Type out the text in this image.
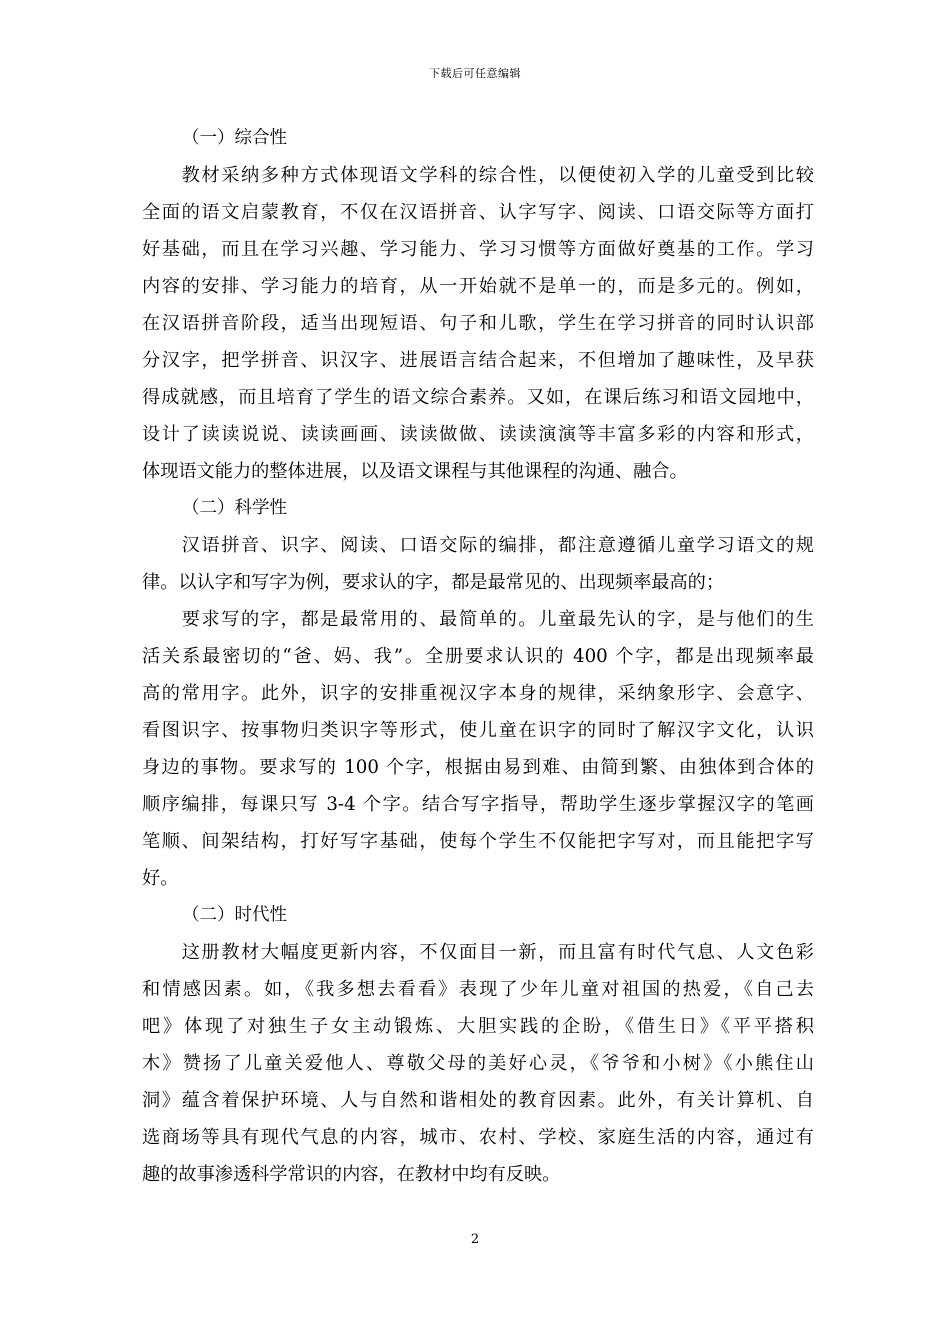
下载后可任意编辑
（一）综合性
　　教材采纳多种方式体现语文学科的综合性，以便使初入学的儿童受到比较
全面的语文启蒙教育，不仅在汉语拼音、认字写字、阅读、口语交际等方面打
好基础，而且在学习兴趣、学习能力、学习习惯等方面做好奠基的工作。学习
内容的安排、学习能力的培育，从一开始就不是单一的，而是多元的。例如，
在汉语拼音阶段，适当出现短语、句子和儿歌，学生在学习拼音的同时认识部
分汉字，把学拼音、识汉字、进展语言结合起来，不但增加了趣味性，及早获
得成就感，而且培育了学生的语文综合素养。又如，在课后练习和语文园地中，
设计了读读说说、读读画画、读读做做、读读演演等丰富多彩的内容和形式，
体现语文能力的整体进展，以及语文课程与其他课程的沟通、融合。
（二）科学性
　　汉语拼音、识字、阅读、口语交际的编排，都注意遵循儿童学习语文的规
律。以认字和写字为例，要求认的字，都是最常见的、出现频率最高的；
　　要求写的字，都是最常用的、最简单的。儿童最先认的字，是与他们的生
活关系最密切的“爸、妈、我”。全册要求认识的 400 个字，都是出现频率最
高的常用字。此外，识字的安排重视汉字本身的规律，采纳象形字、会意字、
看图识字、按事物归类识字等形式，使儿童在识字的同时了解汉字文化，认识
身边的事物。要求写的 100 个字，根据由易到难、由简到繁、由独体到合体的
顺序编排，每课只写 3-4 个字。结合写字指导，帮助学生逐步掌握汉字的笔画
笔顺、间架结构，打好写字基础，使每个学生不仅能把字写对，而且能把字写
好。
（二）时代性
　　这册教材大幅度更新内容，不仅面目一新，而且富有时代气息、人文色彩
和情感因素。如，《我多想去看看》表现了少年儿童对祖国的热爱，《自己去
吧》体现了对独生子女主动锻炼、大胆实践的企盼，《借生日》《平平搭积
木》赞扬了儿童关爱他人、尊敬父母的美好心灵，《爷爷和小树》《小熊住山
洞》蕴含着保护环境、人与自然和谐相处的教育因素。此外，有关计算机、自
选商场等具有现代气息的内容，城市、农村、学校、家庭生活的内容，通过有
趣的故事渗透科学常识的内容，在教材中均有反映。
2
